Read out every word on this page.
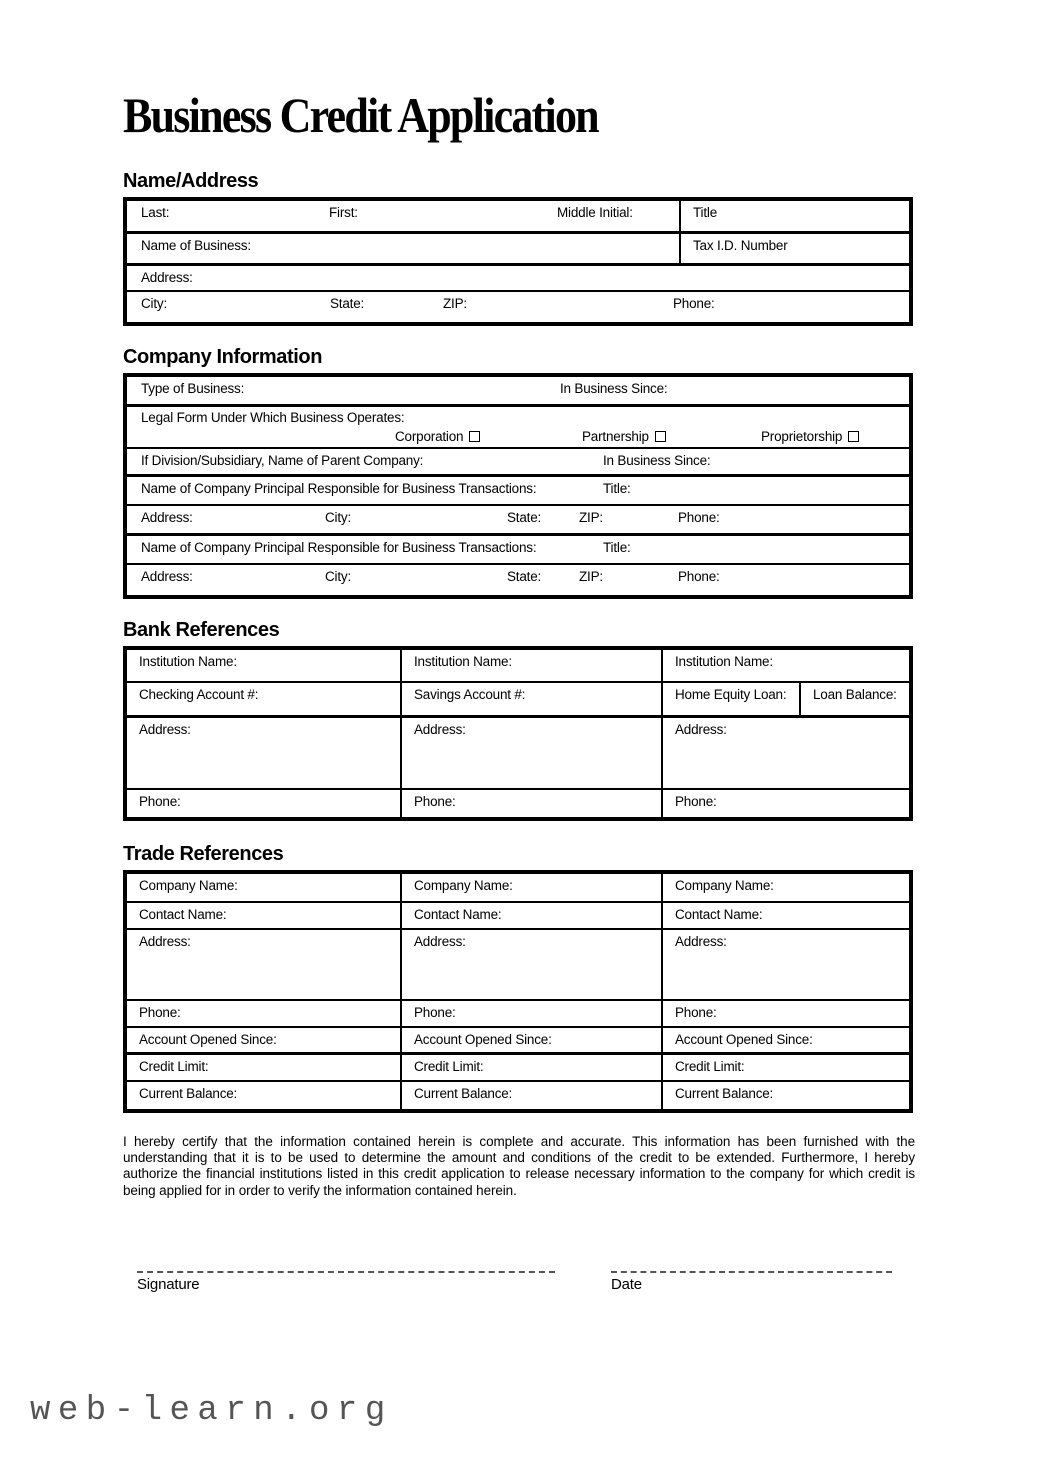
Business Credit Application
Name/Address
Last:	First:	Middle Initial:	Title
Name of Business:	Tax I.D. Number
Address:
City:	State:	ZIP:	Phone:
Company Information
Type of Business:	In Business Since:
Legal Form Under Which Business Operates:
Corporation	Partnership	Proprietorship
If Division/Subsidiary, Name of Parent Company:	In Business Since:
Name of Company Principal Responsible for Business Transactions:	Title:
Address:	City:	State:	ZIP:	Phone:
Name of Company Principal Responsible for Business Transactions:	Title:
Address:	City:	State:	ZIP:	Phone:
Bank References
Institution Name:	Institution Name:	Institution Name:
Checking Account #:	Savings Account #:	Home Equity Loan: Loan Balance:
Address:	Address:	Address:
Phone:	Phone:	Phone:
Trade References
Company Name:	Company Name:	Company Name:
Contact Name:	Contact Name:	Contact Name:
Address:	Address:	Address:
Phone:	Phone:	Phone:
Account Opened Since:	Account Opened Since:	Account Opened Since:
Credit Limit:	Credit Limit:	Credit Limit:
Current Balance:	Current Balance:	Current Balance:

I hereby certify that the information contained herein is complete and accurate. This information has been furnished with the understanding that it is to be used to determine the amount and conditions of the credit to be extended. Furthermore, I hereby authorize the financial institutions listed in this credit application to release necessary information to the company for which credit is being applied for in order to verify the information contained herein.

Signature	Date
web-learn.org
